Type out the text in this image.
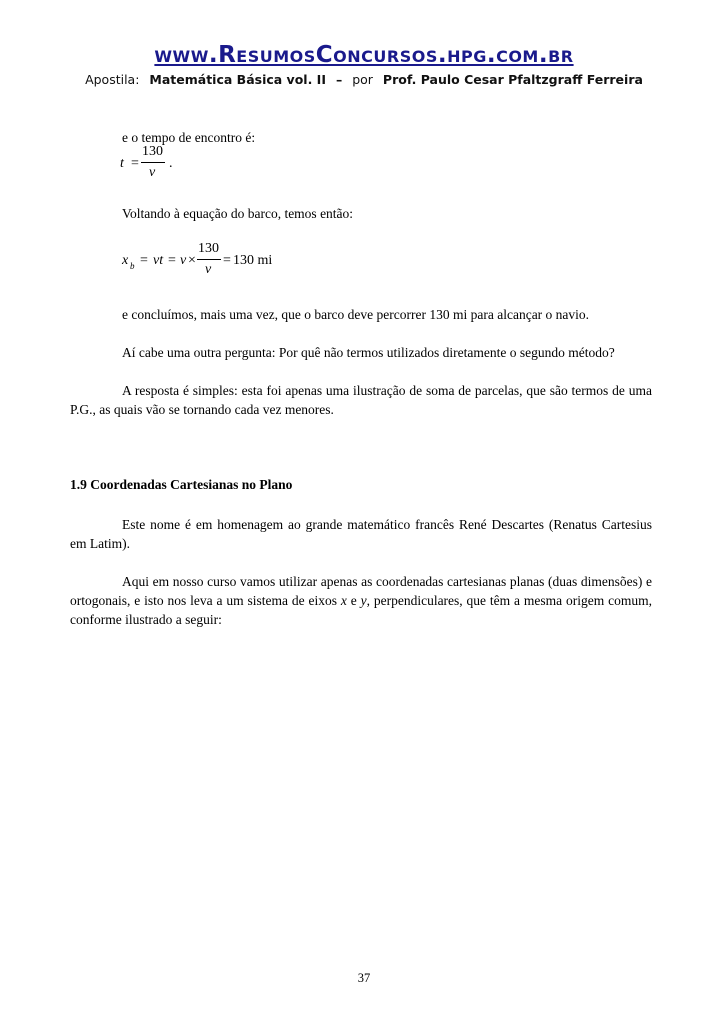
www.ResumosConcursos.hpg.com.br
Apostila: Matemática Básica vol. II – por Prof. Paulo Cesar Pfaltzgraff Ferreira
e o tempo de encontro é:
t =
130
v
.
Voltando à equação do barco, temos então:
x b = vt = v ×
130
v
= 130 mi
e concluímos, mais uma vez, que o barco deve percorrer 130 mi para alcançar o navio.
Aí cabe uma outra pergunta: Por quê não termos utilizados diretamente o segundo método?
A resposta é simples: esta foi apenas uma ilustração de soma de parcelas, que são termos de uma P.G., as quais vão se tornando cada vez menores.
1.9 Coordenadas Cartesianas no Plano
Este nome é em homenagem ao grande matemático francês René Descartes (Renatus Cartesius em Latim).
Aqui em nosso curso vamos utilizar apenas as coordenadas cartesianas planas (duas dimensões) e ortogonais, e isto nos leva a um sistema de eixos x e y, perpendiculares, que têm a mesma origem comum, conforme ilustrado a seguir:
37
